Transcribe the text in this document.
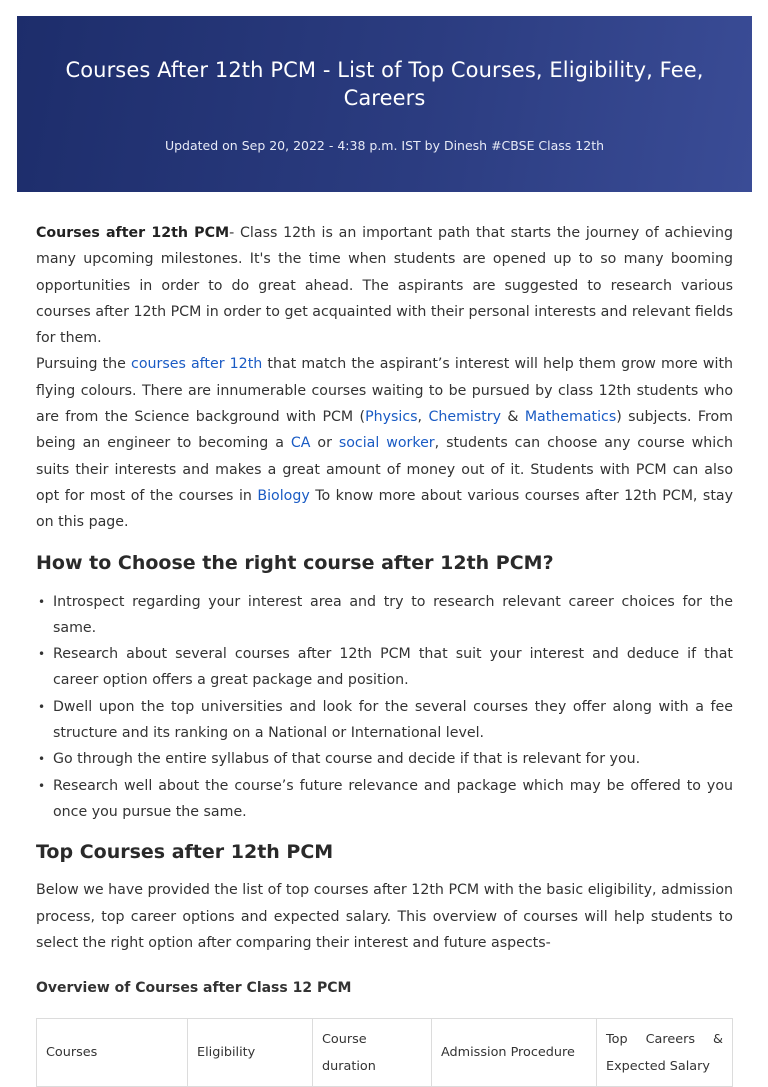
Courses After 12th PCM - List of Top Courses, Eligibility, Fee, Careers
Updated on Sep 20, 2022 - 4:38 p.m. IST by Dinesh #CBSE Class 12th

Courses after 12th PCM- Class 12th is an important path that starts the journey of achieving many upcoming milestones. It's the time when students are opened up to so many booming opportunities in order to do great ahead. The aspirants are suggested to research various courses after 12th PCM in order to get acquainted with their personal interests and relevant fields for them.

Pursuing the courses after 12th that match the aspirant’s interest will help them grow more with flying colours. There are innumerable courses waiting to be pursued by class 12th students who are from the Science background with PCM (Physics, Chemistry & Mathematics) subjects. From being an engineer to becoming a CA or social worker, students can choose any course which suits their interests and makes a great amount of money out of it. Students with PCM can also opt for most of the courses in Biology To know more about various courses after 12th PCM, stay on this page.

How to Choose the right course after 12th PCM?
• Introspect regarding your interest area and try to research relevant career choices for the same.
• Research about several courses after 12th PCM that suit your interest and deduce if that career option offers a great package and position.
• Dwell upon the top universities and look for the several courses they offer along with a fee structure and its ranking on a National or International level.
• Go through the entire syllabus of that course and decide if that is relevant for you.
• Research well about the course’s future relevance and package which may be offered to you once you pursue the same.
Top Courses after 12th PCM

Below we have provided the list of top courses after 12th PCM with the basic eligibility, admission process, top career options and expected salary. This overview of courses will help students to select the right option after comparing their interest and future aspects-

Overview of Courses after Class 12 PCM

Courses	Eligibility	Course duration	Admission Procedure	Top Careers & Expected Salary
